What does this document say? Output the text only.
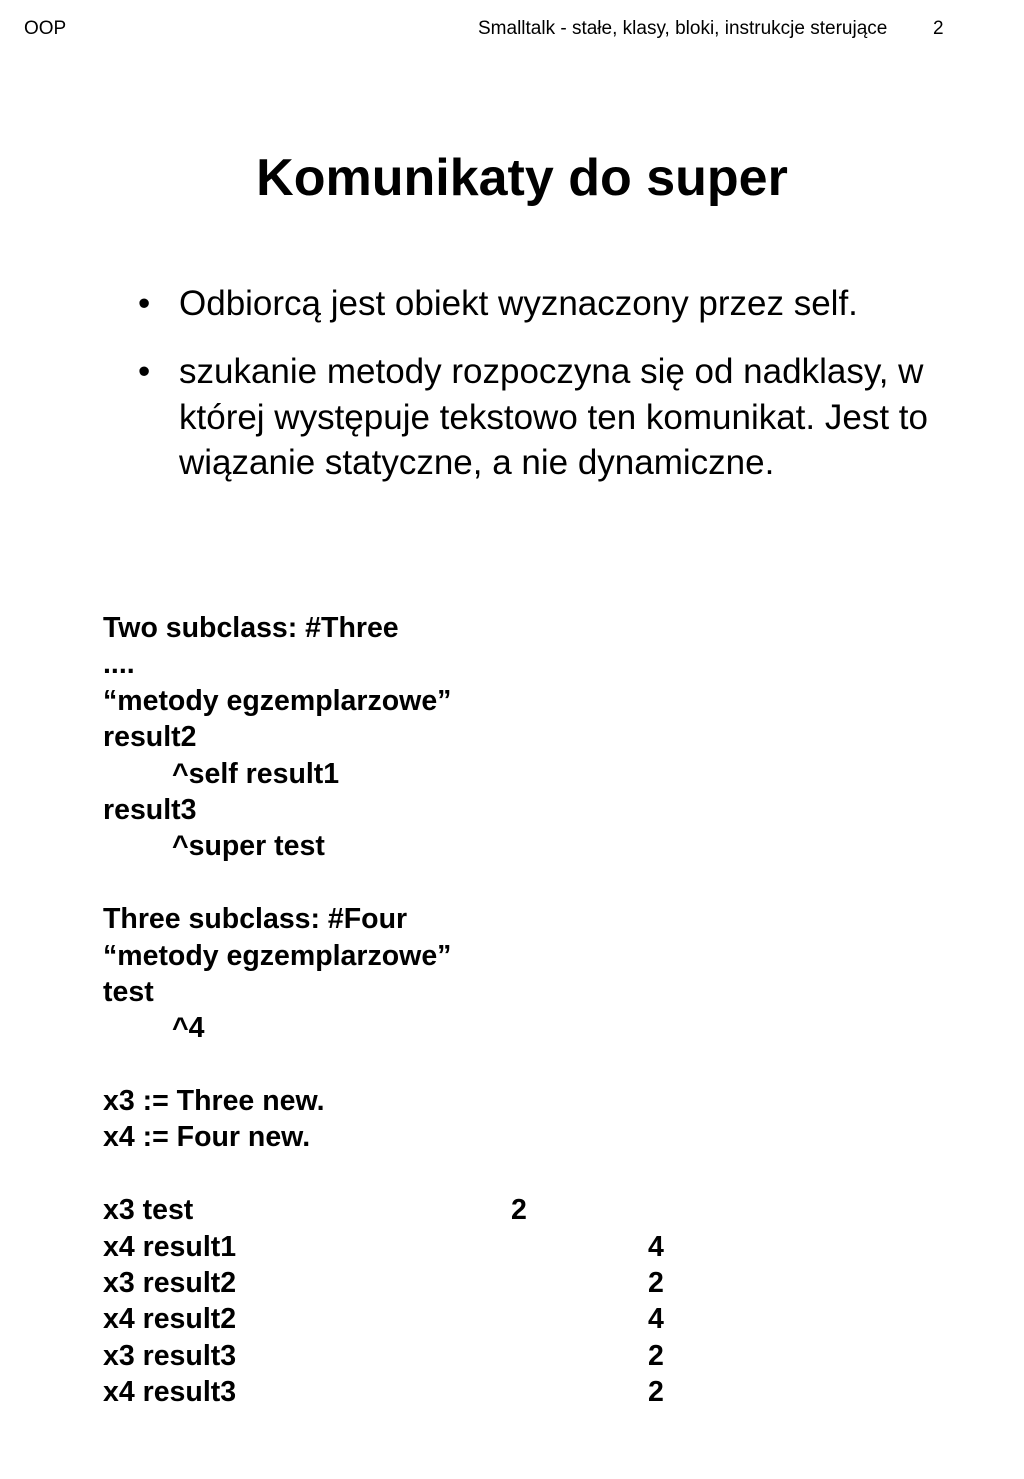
OOP	Smalltalk - stałe, klasy, bloki, instrukcje sterujące 2
Komunikaty do super
• Odbiorcą jest obiekt wyznaczony przez self.
• szukanie metody rozpoczyna się od nadklasy, w której występuje tekstowo ten komunikat. Jest to wiązanie statyczne, a nie dynamiczne.
Two subclass: #Three
....
“metody egzemplarzowe”
result2
^self result1
result3
^super test
Three subclass: #Four
“metody egzemplarzowe”
test
^4
x3 := Three new.
x4 := Four new.
x3 test	2
x4 result1	4
x3 result2	2
x4 result2	4
x3 result3	2
x4 result3	2
